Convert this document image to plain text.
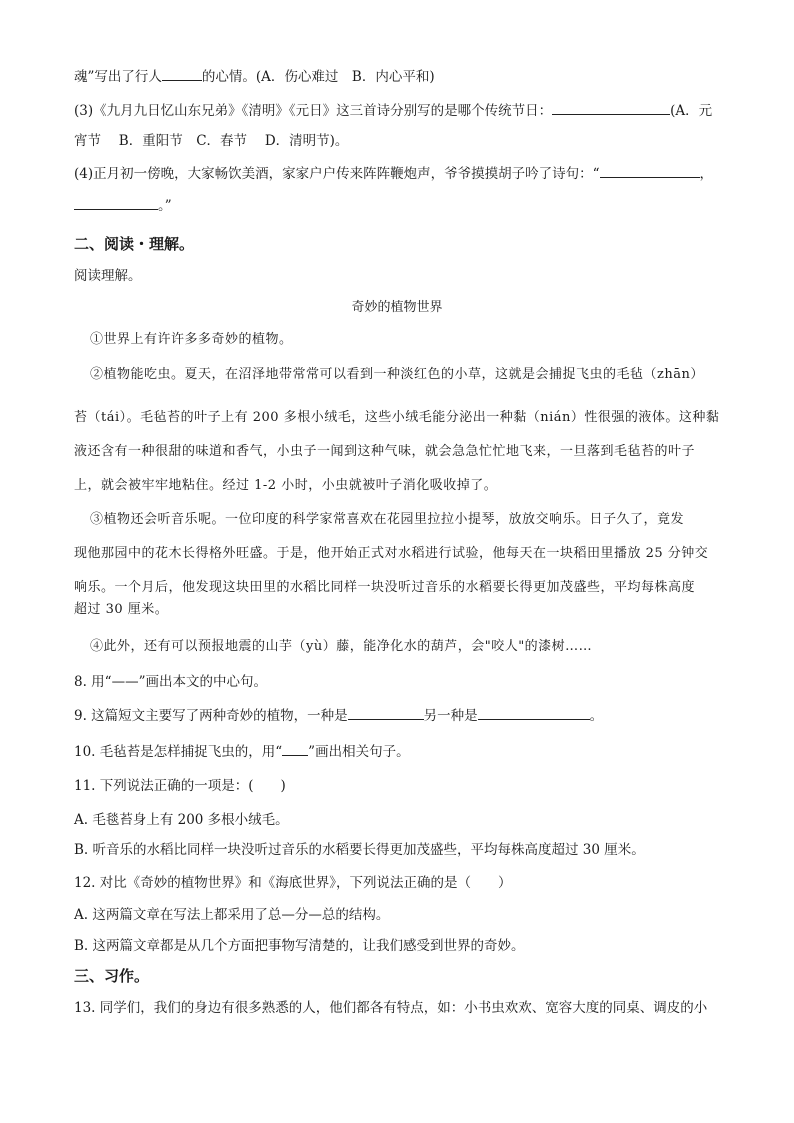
魂”写出了行人	的心情。(A．伤心难过　B．内心平和)
(3)《九月九日忆山东兄弟》《清明》《元日》这三首诗分别写的是哪个传统节日：	(A．元
宵节　 B．重阳节　C．春节　 D．清明节)。
(4)正月初一傍晚，大家畅饮美酒，家家户户传来阵阵鞭炮声，爷爷摸摸胡子吟了诗句：“	，
。”
二、阅读・理解。
阅读理解。
奇妙的植物世界
①世界上有许许多多奇妙的植物。
②植物能吃虫。夏天，在沼泽地带常常可以看到一种淡红色的小草，这就是会捕捉飞虫的毛毡（zhān）
苔（tái）。毛毡苔的叶子上有 200 多根小绒毛，这些小绒毛能分泌出一种黏（nián）性很强的液体。这种黏
液还含有一种很甜的味道和香气，小虫子一闻到这种气味，就会急急忙忙地飞来，一旦落到毛毡苔的叶子
上，就会被牢牢地粘住。经过 1-2 小时，小虫就被叶子消化吸收掉了。
③植物还会听音乐呢。一位印度的科学家常喜欢在花园里拉拉小提琴，放放交响乐。日子久了，竟发
现他那园中的花木长得格外旺盛。于是，他开始正式对水稻进行试验，他每天在一块稻田里播放 25 分钟交
响乐。一个月后，他发现这块田里的水稻比同样一块没听过音乐的水稻要长得更加茂盛些，平均每株高度
超过 30 厘米。
④此外，还有可以预报地震的山芋（yù）藤，能净化水的葫芦，会"咬人"的漆树……
8. 用“——”画出本文的中心句。
9. 这篇短文主要写了两种奇妙的植物，一种是	另一种是	。
10. 毛毡苔是怎样捕捉飞虫的，用“ ”画出相关句子。
11. 下列说法正确的一项是：(　　)
A. 毛毯苔身上有 200 多根小绒毛。
B. 听音乐的水稻比同样一块没听过音乐的水稻要长得更加茂盛些，平均每株高度超过 30 厘米。
12. 对比《奇妙的植物世界》和《海底世界》，下列说法正确的是（　　）
A. 这两篇文章在写法上都采用了总—分—总的结构。
B. 这两篇文章都是从几个方面把事物写清楚的，让我们感受到世界的奇妙。
三、习作。
13. 同学们，我们的身边有很多熟悉的人，他们都各有特点，如：小书虫欢欢、宽容大度的同桌、调皮的小
